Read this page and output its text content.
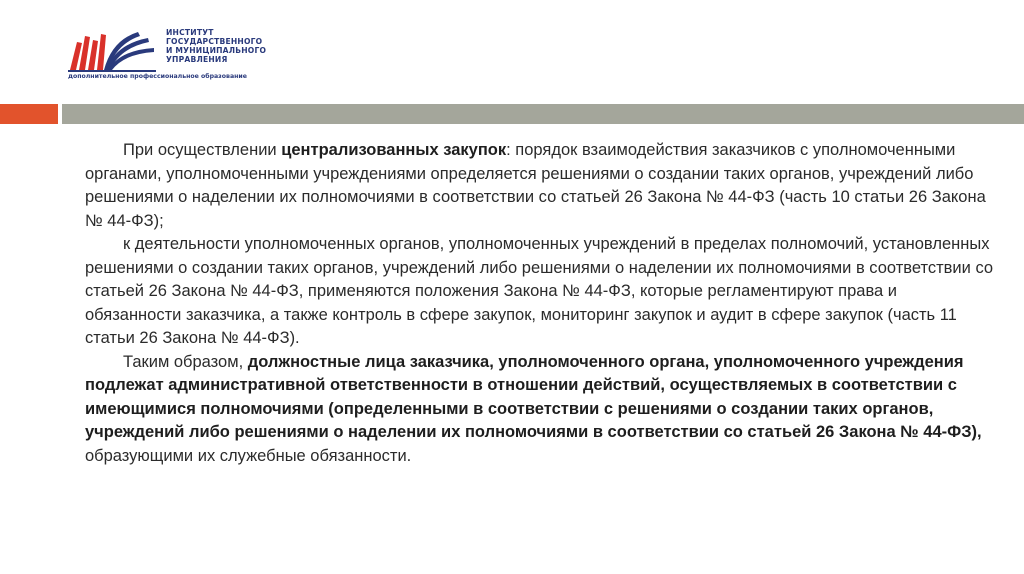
ИНСТИТУТ
ГОСУДАРСТВЕННОГО
И МУНИЦИПАЛЬНОГО
УПРАВЛЕНИЯ
дополнительное профессиональное образование

При осуществлении централизованных закупок: порядок взаимодействия заказчиков с уполномоченными органами, уполномоченными учреждениями определяется решениями о создании таких органов, учреждений либо решениями о наделении их полномочиями в соответствии со статьей 26 Закона № 44-ФЗ (часть 10 статьи 26 Закона № 44-ФЗ);

к деятельности уполномоченных органов, уполномоченных учреждений в пределах полномочий, установленных решениями о создании таких органов, учреждений либо решениями о наделении их полномочиями в соответствии со статьей 26 Закона № 44-ФЗ, применяются положения Закона № 44-ФЗ, которые регламентируют права и обязанности заказчика, а также контроль в сфере закупок, мониторинг закупок и аудит в сфере закупок (часть 11 статьи 26 Закона № 44-ФЗ).

Таким образом, должностные лица заказчика, уполномоченного органа, уполномоченного учреждения подлежат административной ответственности в отношении действий, осуществляемых в соответствии с имеющимися полномочиями (определенными в соответствии с решениями о создании таких органов, учреждений либо решениями о наделении их полномочиями в соответствии со статьей 26 Закона № 44-ФЗ), образующими их служебные обязанности.
